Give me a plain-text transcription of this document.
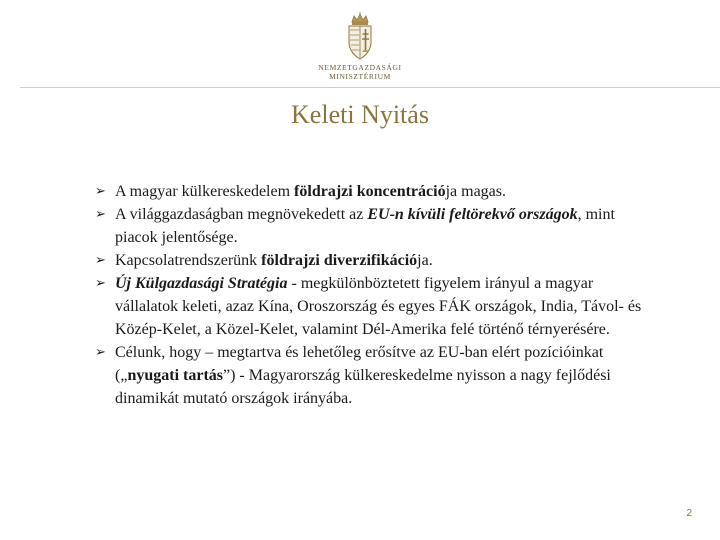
NEMZETGAZDASÁGI
MINISZTÉRIUM
Keleti Nyitás
➢ A magyar külkereskedelem földrajzi koncentrációja magas.
➢ A világgazdaságban megnövekedett az EU-n kívüli feltörekvő országok, mint piacok jelentősége.
➢ Kapcsolatrendszerünk földrajzi diverzifikációja.
➢ Új Külgazdasági Stratégia - megkülönböztetett figyelem irányul a magyar vállalatok keleti, azaz Kína, Oroszország és egyes FÁK országok, India, Távol- és Közép-Kelet, a Közel-Kelet, valamint Dél-Amerika felé történő térnyerésére.
➢ Célunk, hogy – megtartva és lehetőleg erősítve az EU-ban elért pozícióinkat („nyugati tartás”) - Magyarország külkereskedelme nyisson a nagy fejlődési dinamikát mutató országok irányába.
2
